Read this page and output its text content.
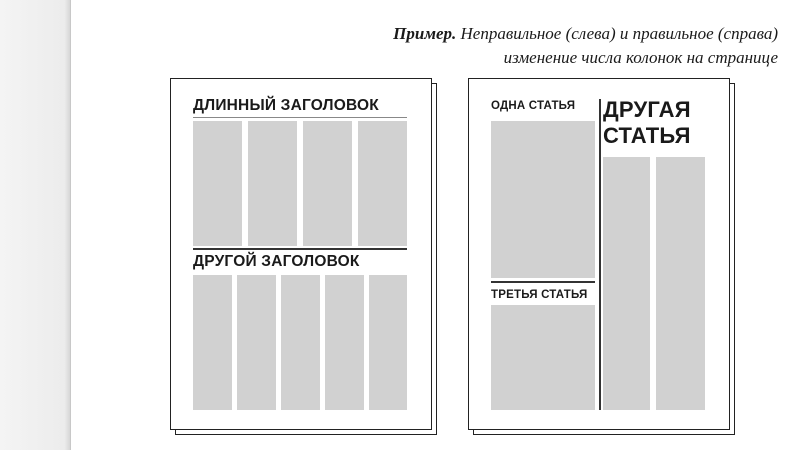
Пример. Неправильное (слева) и правильное (справа)
изменение числа колонок на странице
ДЛИННЫЙ ЗАГОЛОВОК
ДРУГОЙ ЗАГОЛОВОК
ОДНА СТАТЬЯ
ТРЕТЬЯ СТАТЬЯ
ДРУГАЯ
СТАТЬЯ
